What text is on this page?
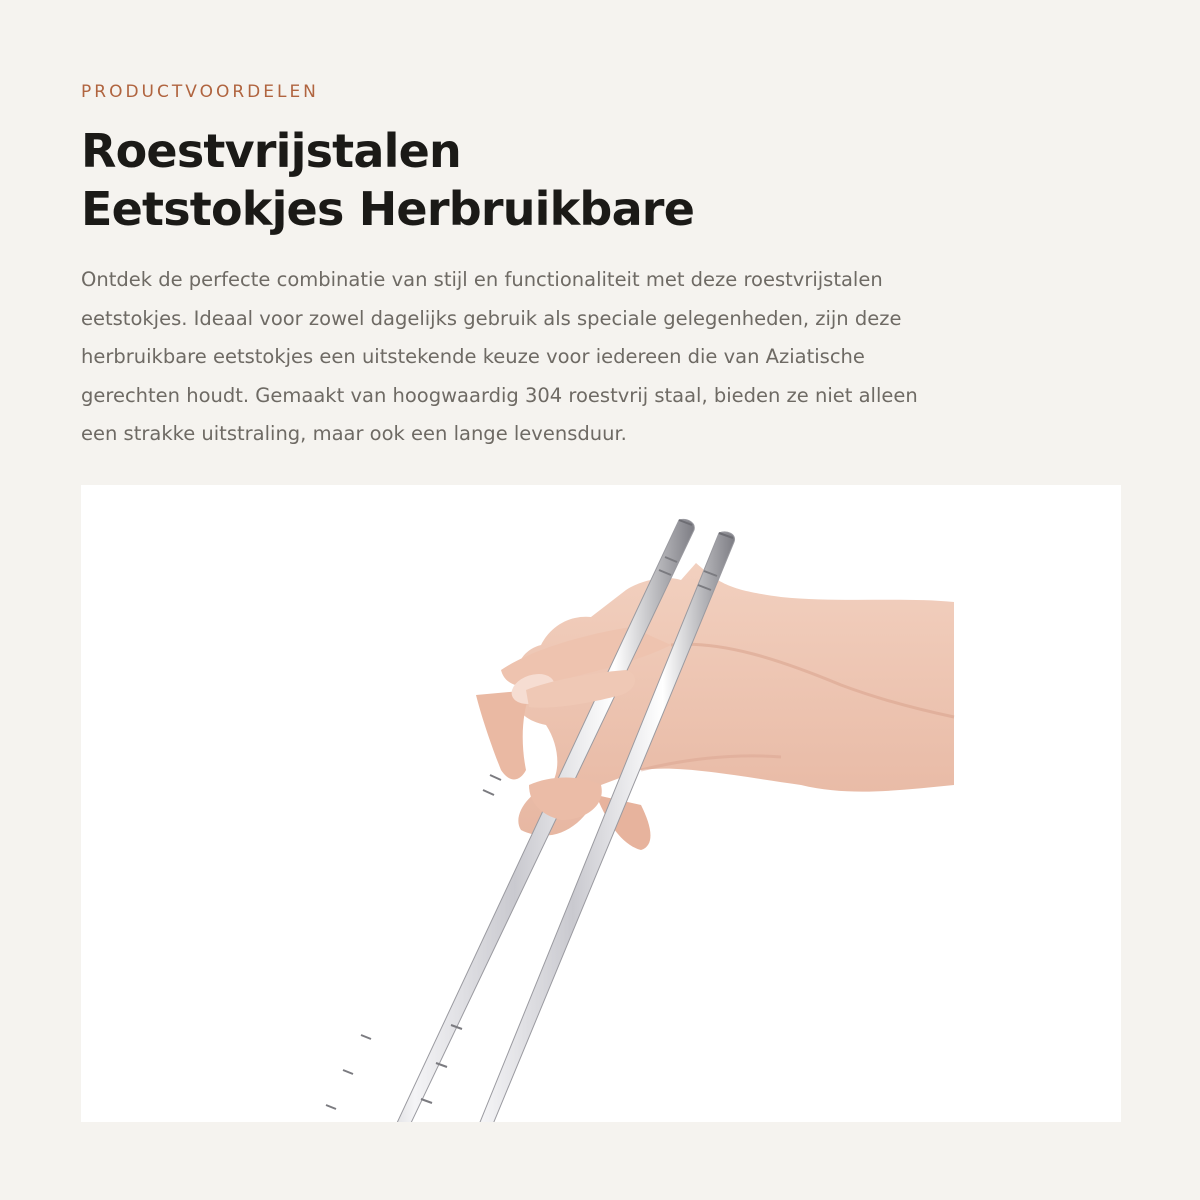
PRODUCTVOORDELEN
Roestvrijstalen
Eetstokjes Herbruikbare

Ontdek de perfecte combinatie van stijl en functionaliteit met deze roestvrijstalen
eetstokjes. Ideaal voor zowel dagelijks gebruik als speciale gelegenheden, zijn deze
herbruikbare eetstokjes een uitstekende keuze voor iedereen die van Aziatische
gerechten houdt. Gemaakt van hoogwaardig 304 roestvrij staal, bieden ze niet alleen
een strakke uitstraling, maar ook een lange levensduur.
